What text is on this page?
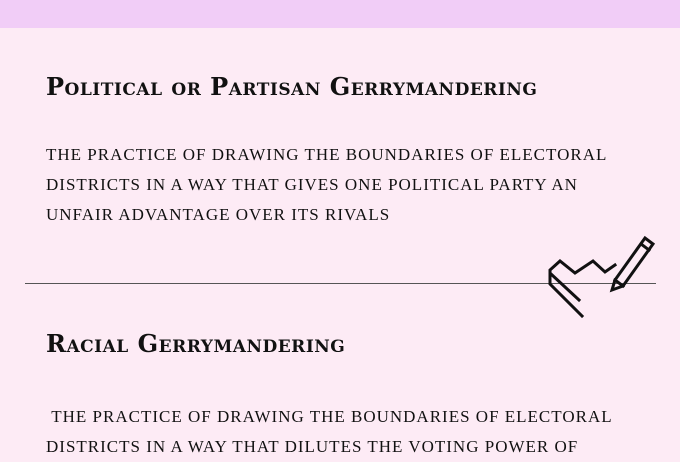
Political or Partisan Gerrymandering

THE PRACTICE OF DRAWING THE BOUNDARIES OF ELECTORAL DISTRICTS IN A WAY THAT GIVES ONE POLITICAL PARTY AN UNFAIR ADVANTAGE OVER ITS RIVALS

Racial Gerrymandering

THE PRACTICE OF DRAWING THE BOUNDARIES OF ELECTORAL DISTRICTS IN A WAY THAT DILUTES THE VOTING POWER OF
